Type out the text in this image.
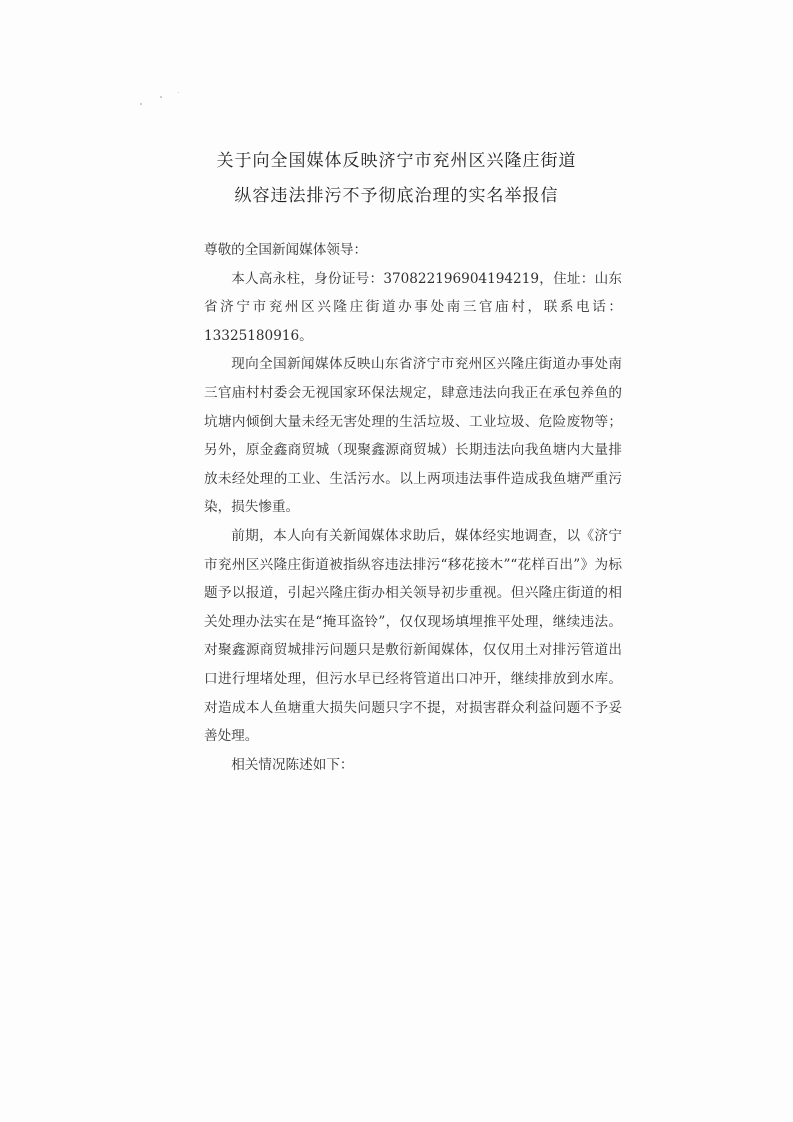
关于向全国媒体反映济宁市兖州区兴隆庄街道
纵容违法排污不予彻底治理的实名举报信

尊敬的全国新闻媒体领导：

本人高永柱，身份证号：370822196904194219，住址：山东省济宁市兖州区兴隆庄街道办事处南三官庙村，联系电话：13325180916。

现向全国新闻媒体反映山东省济宁市兖州区兴隆庄街道办事处南三官庙村村委会无视国家环保法规定，肆意违法向我正在承包养鱼的坑塘内倾倒大量未经无害处理的生活垃圾、工业垃圾、危险废物等；另外，原金鑫商贸城（现聚鑫源商贸城）长期违法向我鱼塘内大量排放未经处理的工业、生活污水。以上两项违法事件造成我鱼塘严重污染，损失惨重。

前期，本人向有关新闻媒体求助后，媒体经实地调查，以《济宁市兖州区兴隆庄街道被指纵容违法排污“移花接木”“花样百出”》为标题予以报道，引起兴隆庄街办相关领导初步重视。但兴隆庄街道的相关处理办法实在是“掩耳盗铃”，仅仅现场填埋推平处理，继续违法。对聚鑫源商贸城排污问题只是敷衍新闻媒体，仅仅用土对排污管道出口进行埋堵处理，但污水早已经将管道出口冲开，继续排放到水库。对造成本人鱼塘重大损失问题只字不提，对损害群众利益问题不予妥善处理。

相关情况陈述如下：
